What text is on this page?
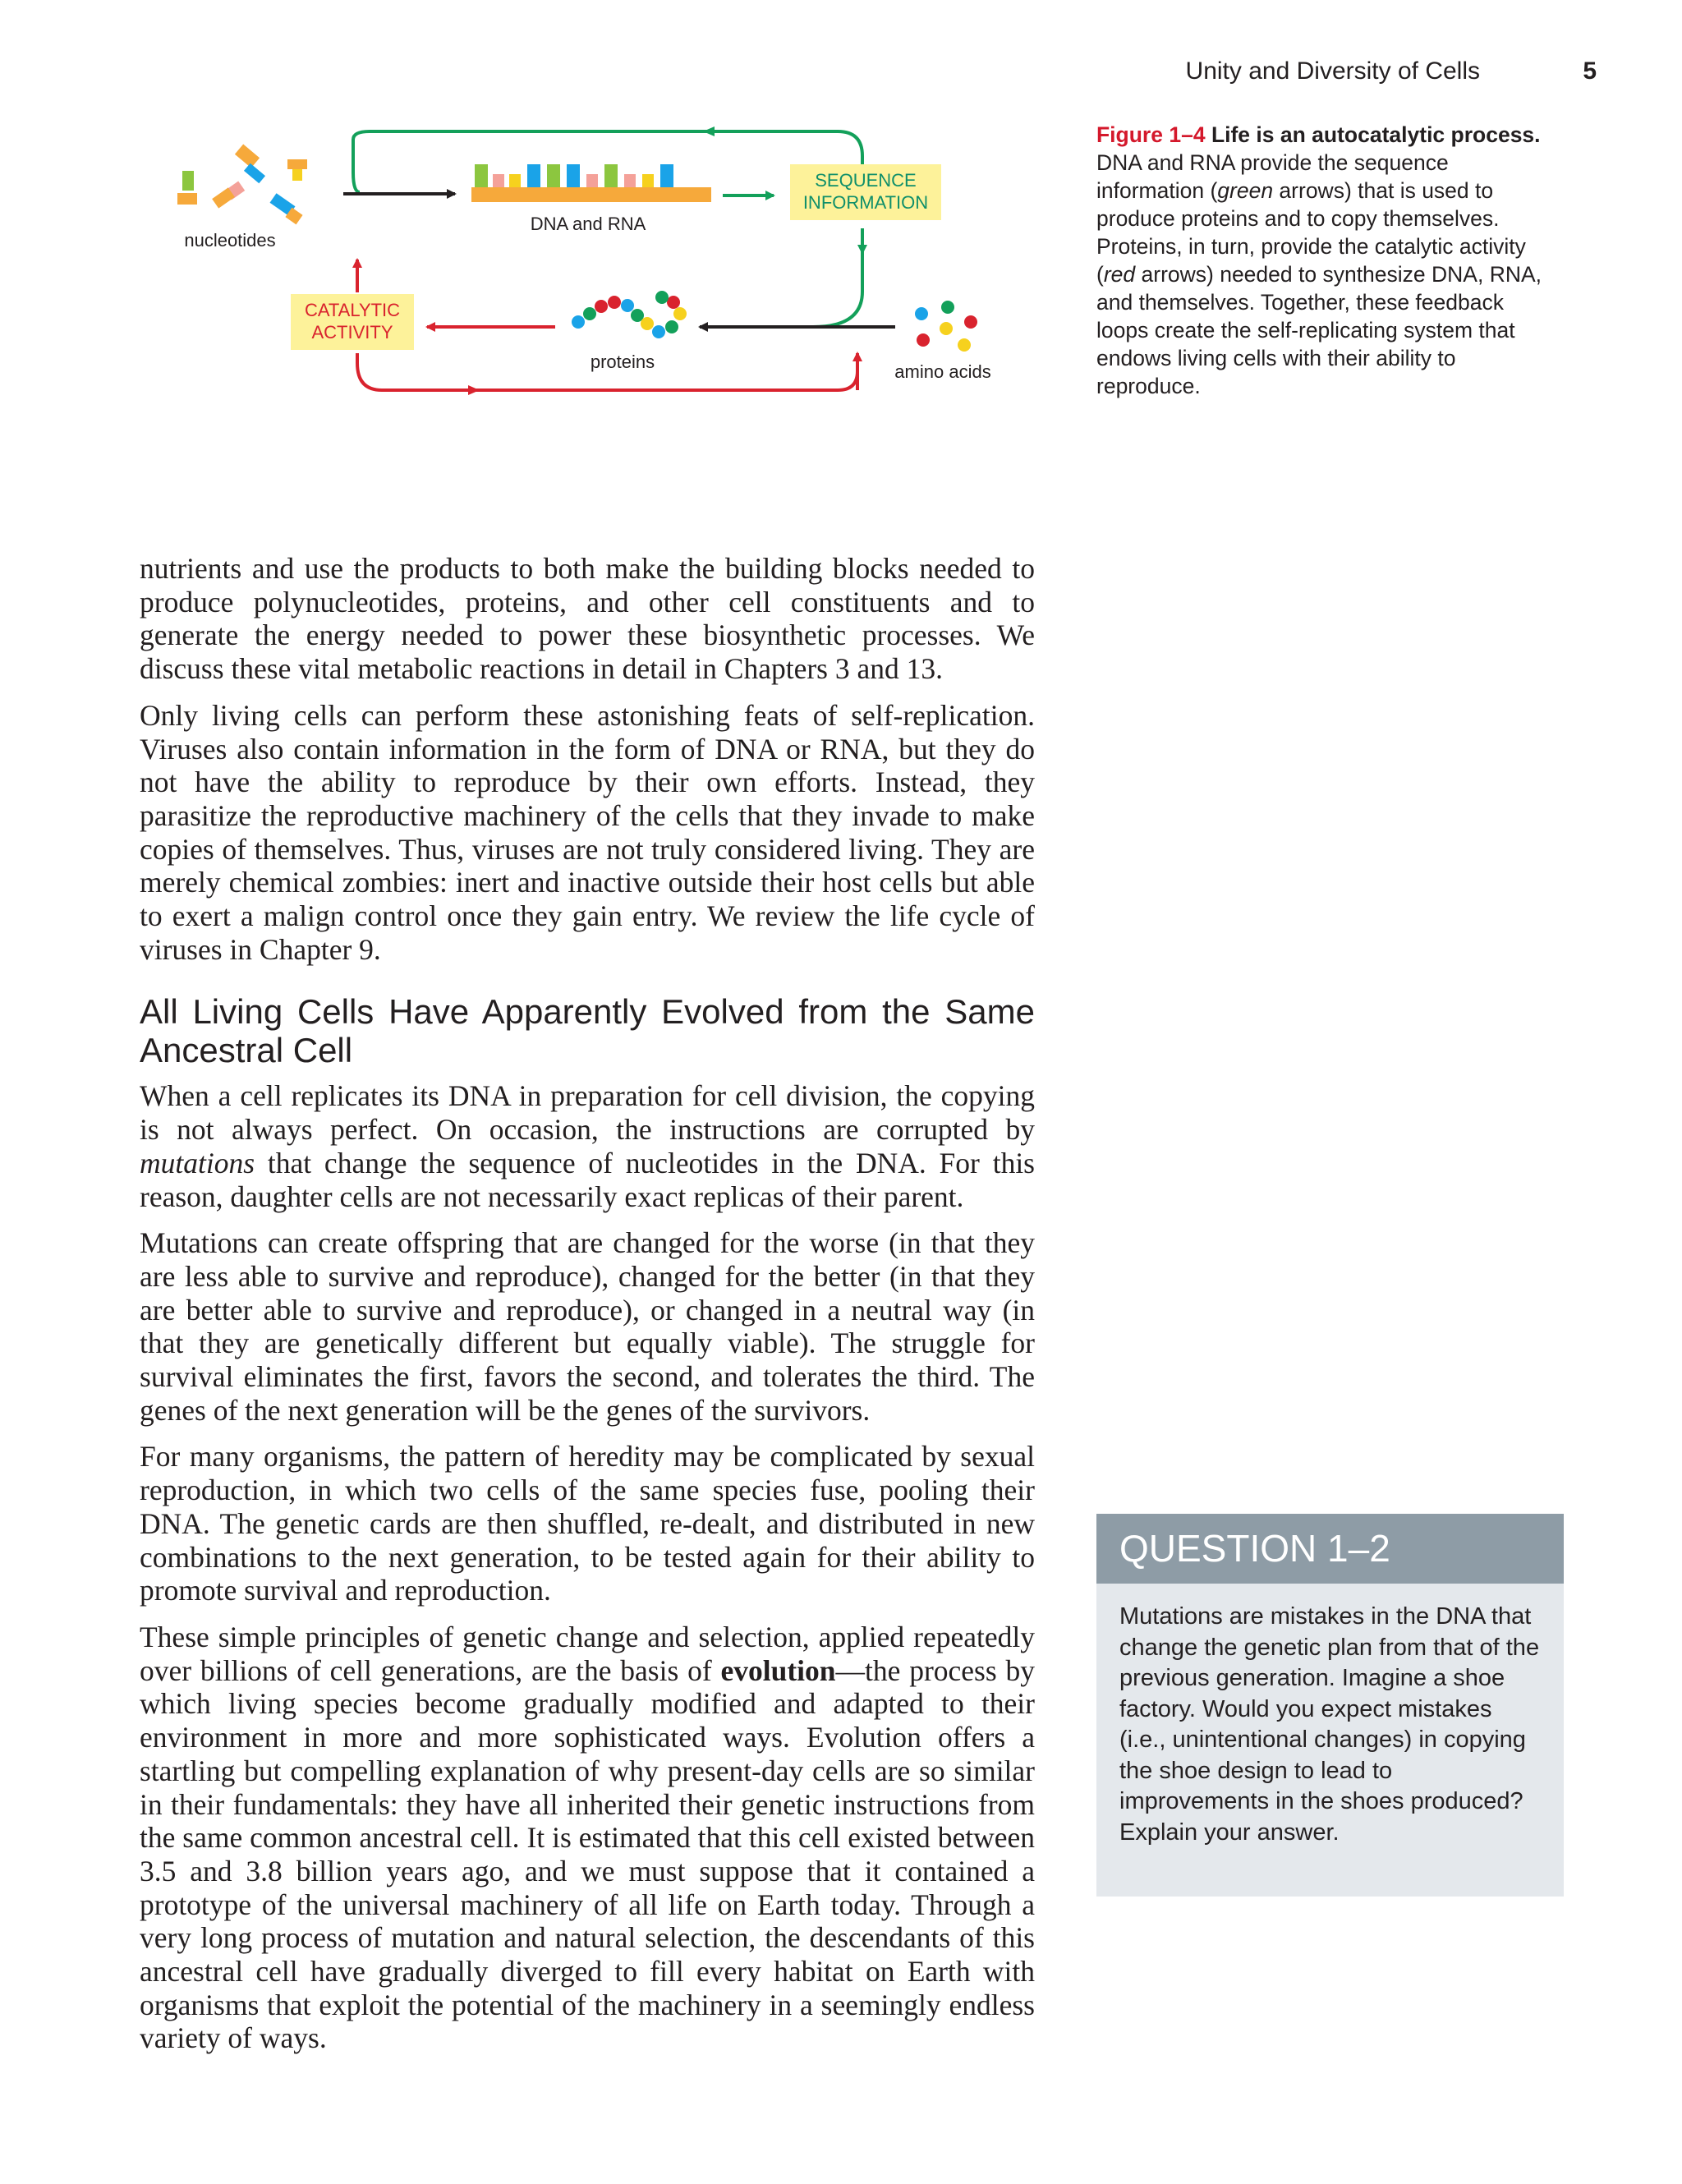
Unity and Diversity of Cells	5
SEQUENCE
INFORMATION
CATALYTIC
ACTIVITY
nucleotides
DNA and RNA
proteins	amino acids
Figure 1–4 Life is an autocatalytic process. DNA and RNA provide the sequence information (green arrows) that is used to produce proteins and to copy themselves. Proteins, in turn, provide the catalytic activity (red arrows) needed to synthesize DNA, RNA, and themselves. Together, these feedback loops create the self-replicating system that endows living cells with their ability to reproduce.

nutrients and use the products to both make the building blocks needed to produce polynucleotides, proteins, and other cell constituents and to generate the energy needed to power these biosynthetic processes. We discuss these vital metabolic reactions in detail in Chapters 3 and 13.

Only living cells can perform these astonishing feats of self-replication. Viruses also contain information in the form of DNA or RNA, but they do not have the ability to reproduce by their own efforts. Instead, they parasitize the reproductive machinery of the cells that they invade to make copies of themselves. Thus, viruses are not truly considered living. They are merely chemical zombies: inert and inactive outside their host cells but able to exert a malign control once they gain entry. We review the life cycle of viruses in Chapter 9.

All Living Cells Have Apparently Evolved from the Same Ancestral Cell

When a cell replicates its DNA in preparation for cell division, the copying is not always perfect. On occasion, the instructions are corrupted by mutations that change the sequence of nucleotides in the DNA. For this reason, daughter cells are not necessarily exact replicas of their parent.

Mutations can create offspring that are changed for the worse (in that they are less able to survive and reproduce), changed for the better (in that they are better able to survive and reproduce), or changed in a neutral way (in that they are genetically different but equally viable). The struggle for survival eliminates the first, favors the second, and tolerates the third. The genes of the next generation will be the genes of the survivors.

For many organisms, the pattern of heredity may be complicated by sexual reproduction, in which two cells of the same species fuse, pooling their DNA. The genetic cards are then shuffled, re-dealt, and distributed in new combinations to the next generation, to be tested again for their ability to promote survival and reproduction.

These simple principles of genetic change and selection, applied repeatedly over billions of cell generations, are the basis of evolution—the process by which living species become gradually modified and adapted to their environment in more and more sophisticated ways. Evolution offers a startling but compelling explanation of why present-day cells are so similar in their fundamentals: they have all inherited their genetic instructions from the same common ancestral cell. It is estimated that this cell existed between 3.5 and 3.8 billion years ago, and we must suppose that it contained a prototype of the universal machinery of all life on Earth today. Through a very long process of mutation and natural selection, the descendants of this ancestral cell have gradually diverged to fill every habitat on Earth with organisms that exploit the potential of the machinery in a seemingly endless variety of ways.

QUESTION 1–2
Mutations are mistakes in the DNA that change the genetic plan from that of the previous generation. Imagine a shoe factory. Would you expect mistakes (i.e., unintentional changes) in copying the shoe design to lead to improvements in the shoes produced? Explain your answer.
